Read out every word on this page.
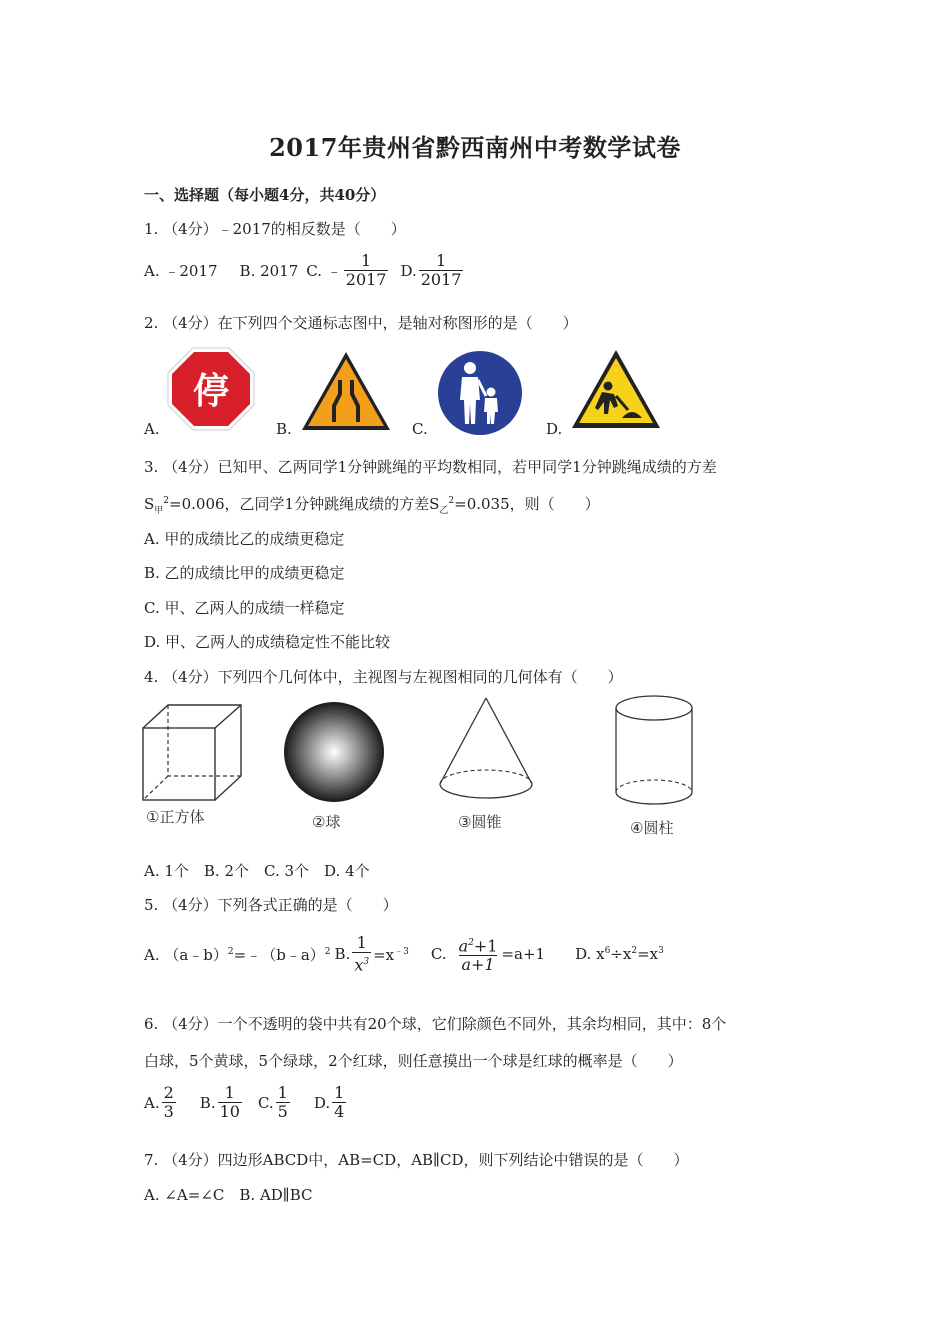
2017年贵州省黔西南州中考数学试卷
一、选择题（每小题4分，共40分）
1. （4分）﹣2017的相反数是（　　）
A. ﹣2017 B. 2017 C. ﹣ $\frac{1}{2017} D$. $\frac{1}{2017}$
2. （4分）在下列四个交通标志图中，是轴对称图形的是（　　）
A.
停
B.	C.	D.
3. （4分）已知甲、乙两同学1分钟跳绳的平均数相同，若甲同学1分钟跳绳成绩的方差
$S_甲^2=0.006$，乙同学1分钟跳绳成绩的方差$S_乙^2=0.035$，则（　　）
A. 甲的成绩比乙的成绩更稳定
B. 乙的成绩比甲的成绩更稳定
C. 甲、乙两人的成绩一样稳定
D. 甲、乙两人的成绩稳定性不能比较
4. （4分）下列四个几何体中，主视图与左视图相同的几何体有（　　）
①正方体	②球	③圆锥	④圆柱
A. 1个　B. 2个　C. 3个　D. 4个
5. （4分）下列各式正确的是（　　）
A. （a﹣b）$^2$=﹣（b﹣a）$^2$ B. $\frac{1}{x^3} =x^{﹣3}$ C. $\frac{a^2+1}{a+1} =a+1$ D. $x^6\div x^2=x^3$
6. （4分）一个不透明的袋中共有20个球，它们除颜色不同外，其余均相同，其中：8个
白球，5个黄球，5个绿球，2个红球，则任意摸出一个球是红球的概率是（　　）
A. $\frac{2}{3} B$. $\frac{1}{10} C$. $\frac{1}{5} D$. $\frac{1}{4}$
7. （4分）四边形ABCD中，AB=CD，AB∥CD，则下列结论中错误的是（　　）
A. ∠A=∠C　B. AD∥BC
